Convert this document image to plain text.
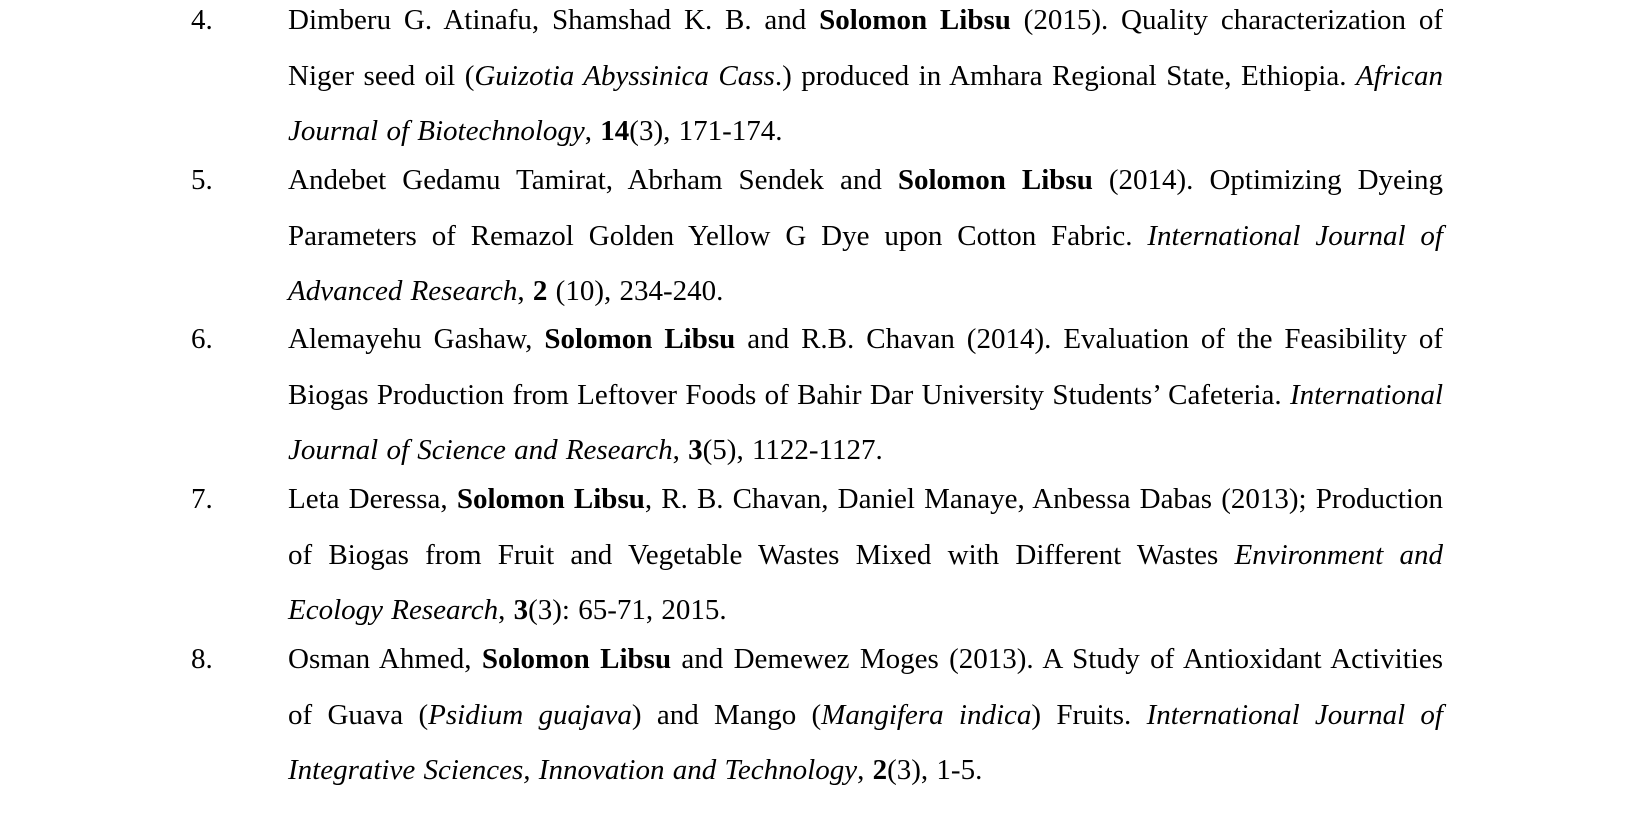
4.	Dimberu G. Atinafu, Shamshad K. B. and Solomon Libsu (2015). Quality characterization of Niger seed oil (Guizotia Abyssinica Cass.) produced in Amhara Regional State, Ethiopia. African Journal of Biotechnology, 14(3), 171-174.
5.	Andebet Gedamu Tamirat, Abrham Sendek and Solomon Libsu (2014). Optimizing Dyeing Parameters of Remazol Golden Yellow G Dye upon Cotton Fabric. International Journal of Advanced Research, 2 (10), 234-240.
6.	Alemayehu Gashaw, Solomon Libsu and R.B. Chavan (2014). Evaluation of the Feasibility of Biogas Production from Leftover Foods of Bahir Dar University Students’ Cafeteria. International Journal of Science and Research, 3(5), 1122-1127.
7.	Leta Deressa, Solomon Libsu, R. B. Chavan, Daniel Manaye, Anbessa Dabas (2013); Production of Biogas from Fruit and Vegetable Wastes Mixed with Different Wastes Environment and Ecology Research, 3(3): 65-71, 2015.
8.	Osman Ahmed, Solomon Libsu and Demewez Moges (2013). A Study of Antioxidant Activities of Guava (Psidium guajava) and Mango (Mangifera indica) Fruits. International Journal of Integrative Sciences, Innovation and Technology, 2(3), 1-5.
